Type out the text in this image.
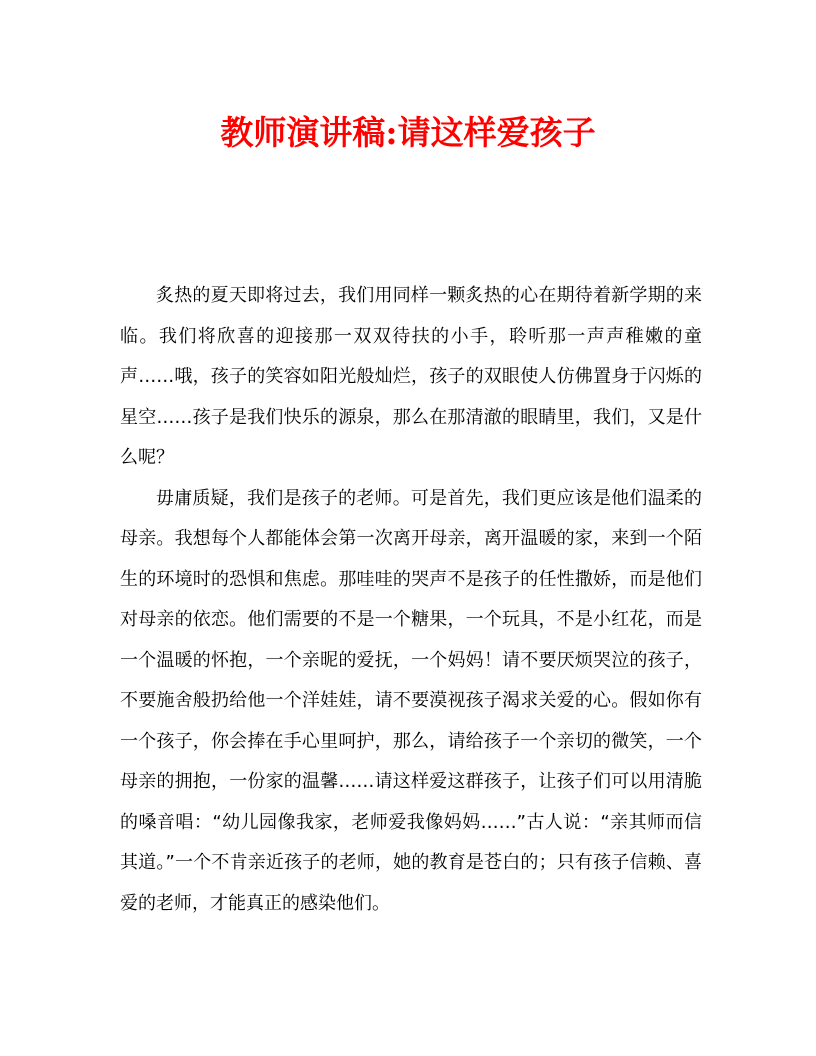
教师演讲稿:请这样爱孩子

炙热的夏天即将过去，我们用同样一颗炙热的心在期待着新学期的来临。我们将欣喜的迎接那一双双待扶的小手，聆听那一声声稚嫩的童声……哦，孩子的笑容如阳光般灿烂，孩子的双眼使人仿佛置身于闪烁的星空……孩子是我们快乐的源泉，那么在那清澈的眼睛里，我们，又是什么呢？

毋庸质疑，我们是孩子的老师。可是首先，我们更应该是他们温柔的母亲。我想每个人都能体会第一次离开母亲，离开温暖的家，来到一个陌生的环境时的恐惧和焦虑。那哇哇的哭声不是孩子的任性撒娇，而是他们对母亲的依恋。他们需要的不是一个糖果，一个玩具，不是小红花，而是一个温暖的怀抱，一个亲昵的爱抚，一个妈妈！请不要厌烦哭泣的孩子，不要施舍般扔给他一个洋娃娃，请不要漠视孩子渴求关爱的心。假如你有一个孩子，你会捧在手心里呵护，那么，请给孩子一个亲切的微笑，一个母亲的拥抱，一份家的温馨……请这样爱这群孩子，让孩子们可以用清脆的嗓音唱：“幼儿园像我家，老师爱我像妈妈……”古人说：“亲其师而信其道。”一个不肯亲近孩子的老师，她的教育是苍白的；只有孩子信赖、喜爱的老师，才能真正的感染他们。
